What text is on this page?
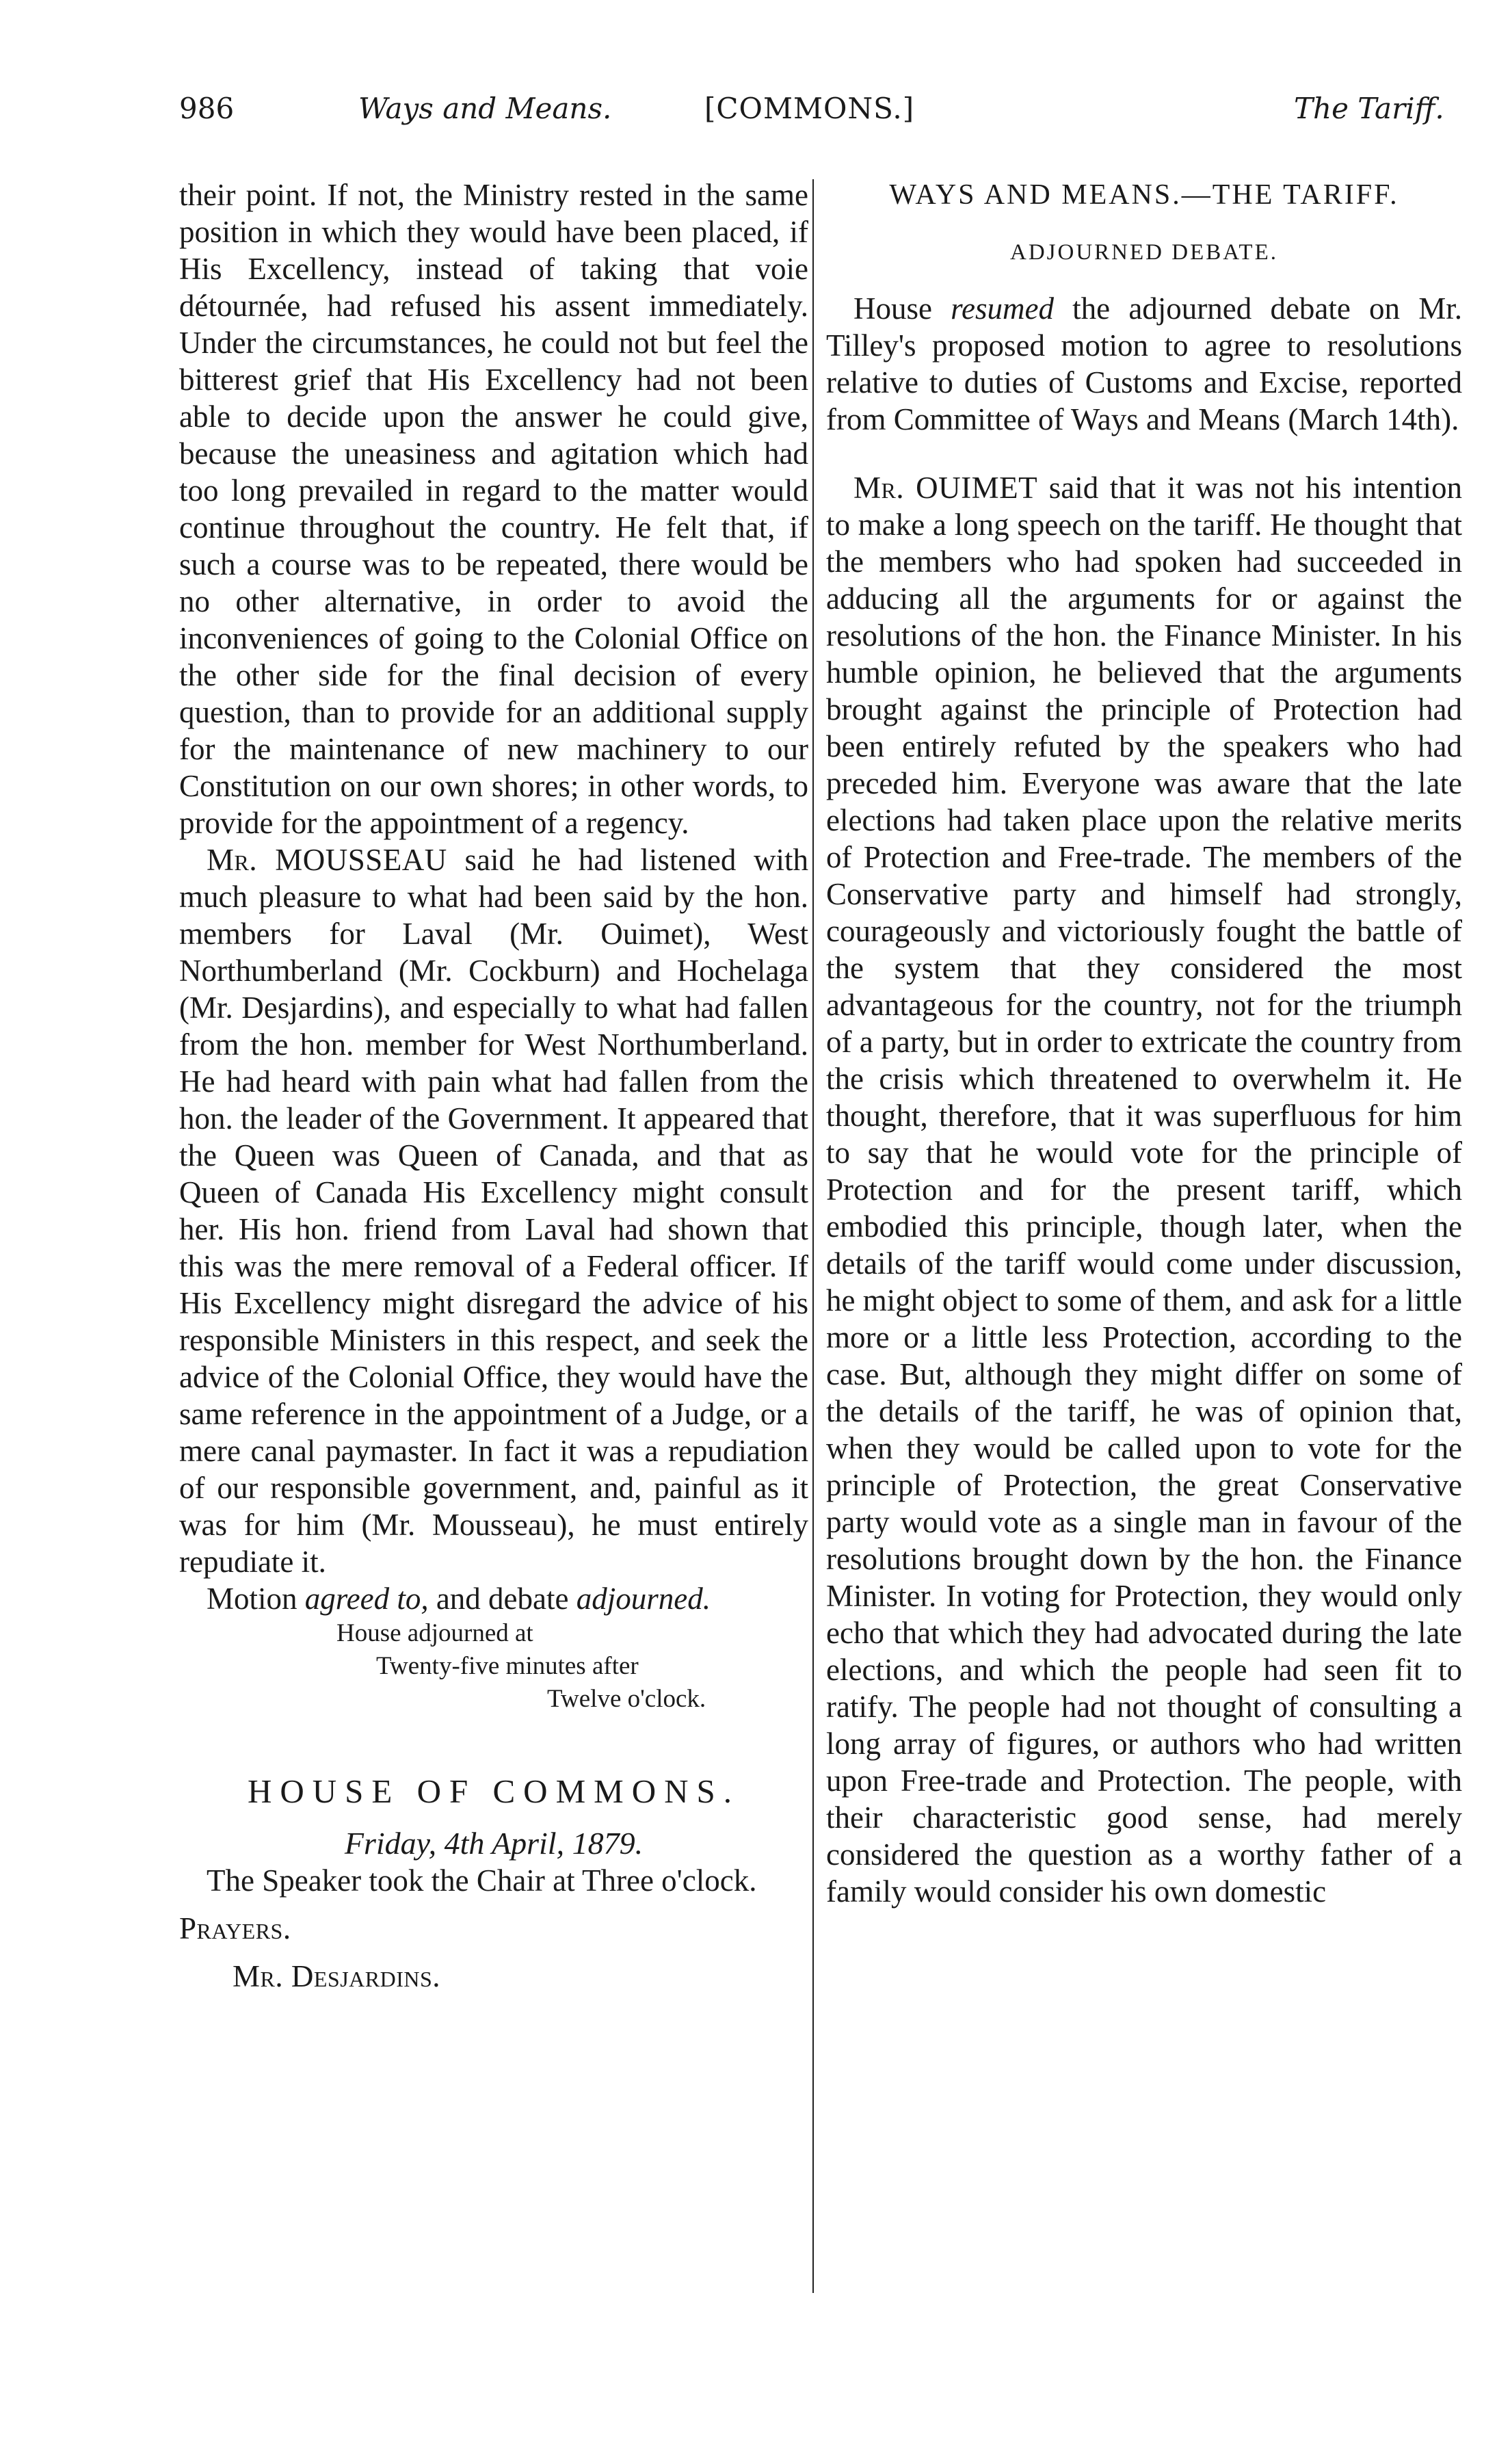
986	Ways and Means.	[COMMONS.]	The Tariff.

their point. If not, the Ministry rested in the same position in which they would have been placed, if His Excellency, instead of taking that voie détournée, had refused his assent immediately. Under the circumstances, he could not but feel the bitterest grief that His Excellency had not been able to decide upon the answer he could give, because the uneasiness and agitation which had too long prevailed in regard to the matter would continue throughout the country. He felt that, if such a course was to be repeated, there would be no other alternative, in order to avoid the inconveniences of going to the Colonial Office on the other side for the final decision of every question, than to provide for an additional supply for the maintenance of new machinery to our Constitution on our own shores; in other words, to provide for the appointment of a regency.

Mr. MOUSSEAU said he had listened with much pleasure to what had been said by the hon. members for Laval (Mr. Ouimet), West Northumberland (Mr. Cockburn) and Hochelaga (Mr. Desjardins), and especially to what had fallen from the hon. member for West Northumberland. He had heard with pain what had fallen from the hon. the leader of the Government. It appeared that the Queen was Queen of Canada, and that as Queen of Canada His Excellency might consult her. His hon. friend from Laval had shown that this was the mere removal of a Federal officer. If His Excellency might disregard the advice of his responsible Ministers in this respect, and seek the advice of the Colonial Office, they would have the same reference in the appointment of a Judge, or a mere canal paymaster. In fact it was a repudiation of our responsible government, and, painful as it was for him (Mr. Mousseau), he must entirely repudiate it.

Motion agreed to, and debate adjourned.

House adjourned at
Twenty-five minutes after
Twelve o'clock.
HOUSE OF COMMONS.
Friday, 4th April, 1879.

The Speaker took the Chair at Three o'clock.

Prayers.
Mr. Desjardins.
WAYS AND MEANS.—THE TARIFF.
ADJOURNED DEBATE.

House resumed the adjourned debate on Mr. Tilley's proposed motion to agree to resolutions relative to duties of Customs and Excise, reported from Committee of Ways and Means (March 14th).

Mr. OUIMET said that it was not his intention to make a long speech on the tariff. He thought that the members who had spoken had succeeded in adducing all the arguments for or against the resolutions of the hon. the Finance Minister. In his humble opinion, he believed that the arguments brought against the principle of Protection had been entirely refuted by the speakers who had preceded him. Everyone was aware that the late elections had taken place upon the relative merits of Protection and Free-trade. The members of the Conservative party and himself had strongly, courageously and victoriously fought the battle of the system that they considered the most advantageous for the country, not for the triumph of a party, but in order to extricate the country from the crisis which threatened to overwhelm it. He thought, therefore, that it was superfluous for him to say that he would vote for the principle of Protection and for the present tariff, which embodied this principle, though later, when the details of the tariff would come under discussion, he might object to some of them, and ask for a little more or a little less Protection, according to the case. But, although they might differ on some of the details of the tariff, he was of opinion that, when they would be called upon to vote for the principle of Protection, the great Conservative party would vote as a single man in favour of the resolutions brought down by the hon. the Finance Minister. In voting for Protection, they would only echo that which they had advocated during the late elections, and which the people had seen fit to ratify. The people had not thought of consulting a long array of figures, or authors who had written upon Free-trade and Protection. The people, with their characteristic good sense, had merely considered the question as a worthy father of a family would consider his own domestic
